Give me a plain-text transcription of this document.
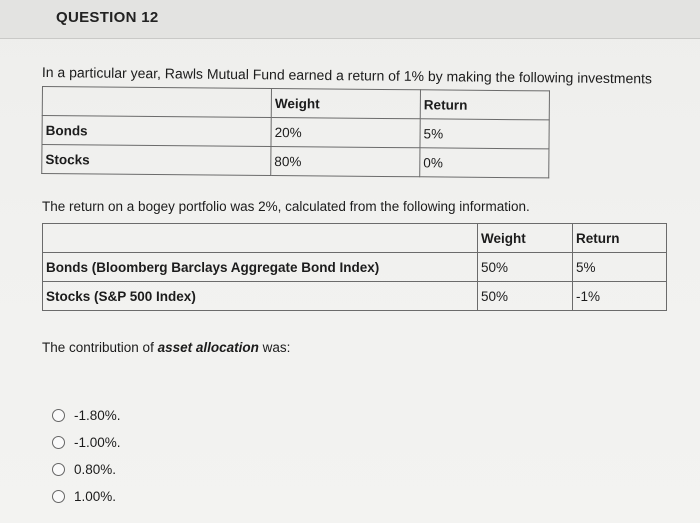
QUESTION 12
In a particular year, Rawls Mutual Fund earned a return of 1% by making the following investments
	Weight	Return
Bonds	20%	5%
Stocks	80%	0%
The return on a bogey portfolio was 2%, calculated from the following information.
	Weight	Return
Bonds (Bloomberg Barclays Aggregate Bond Index)	50%	5%
Stocks (S&P 500 Index)	50%	-1%
The contribution of asset allocation was:
-1.80%.
-1.00%.
0.80%.
1.00%.
